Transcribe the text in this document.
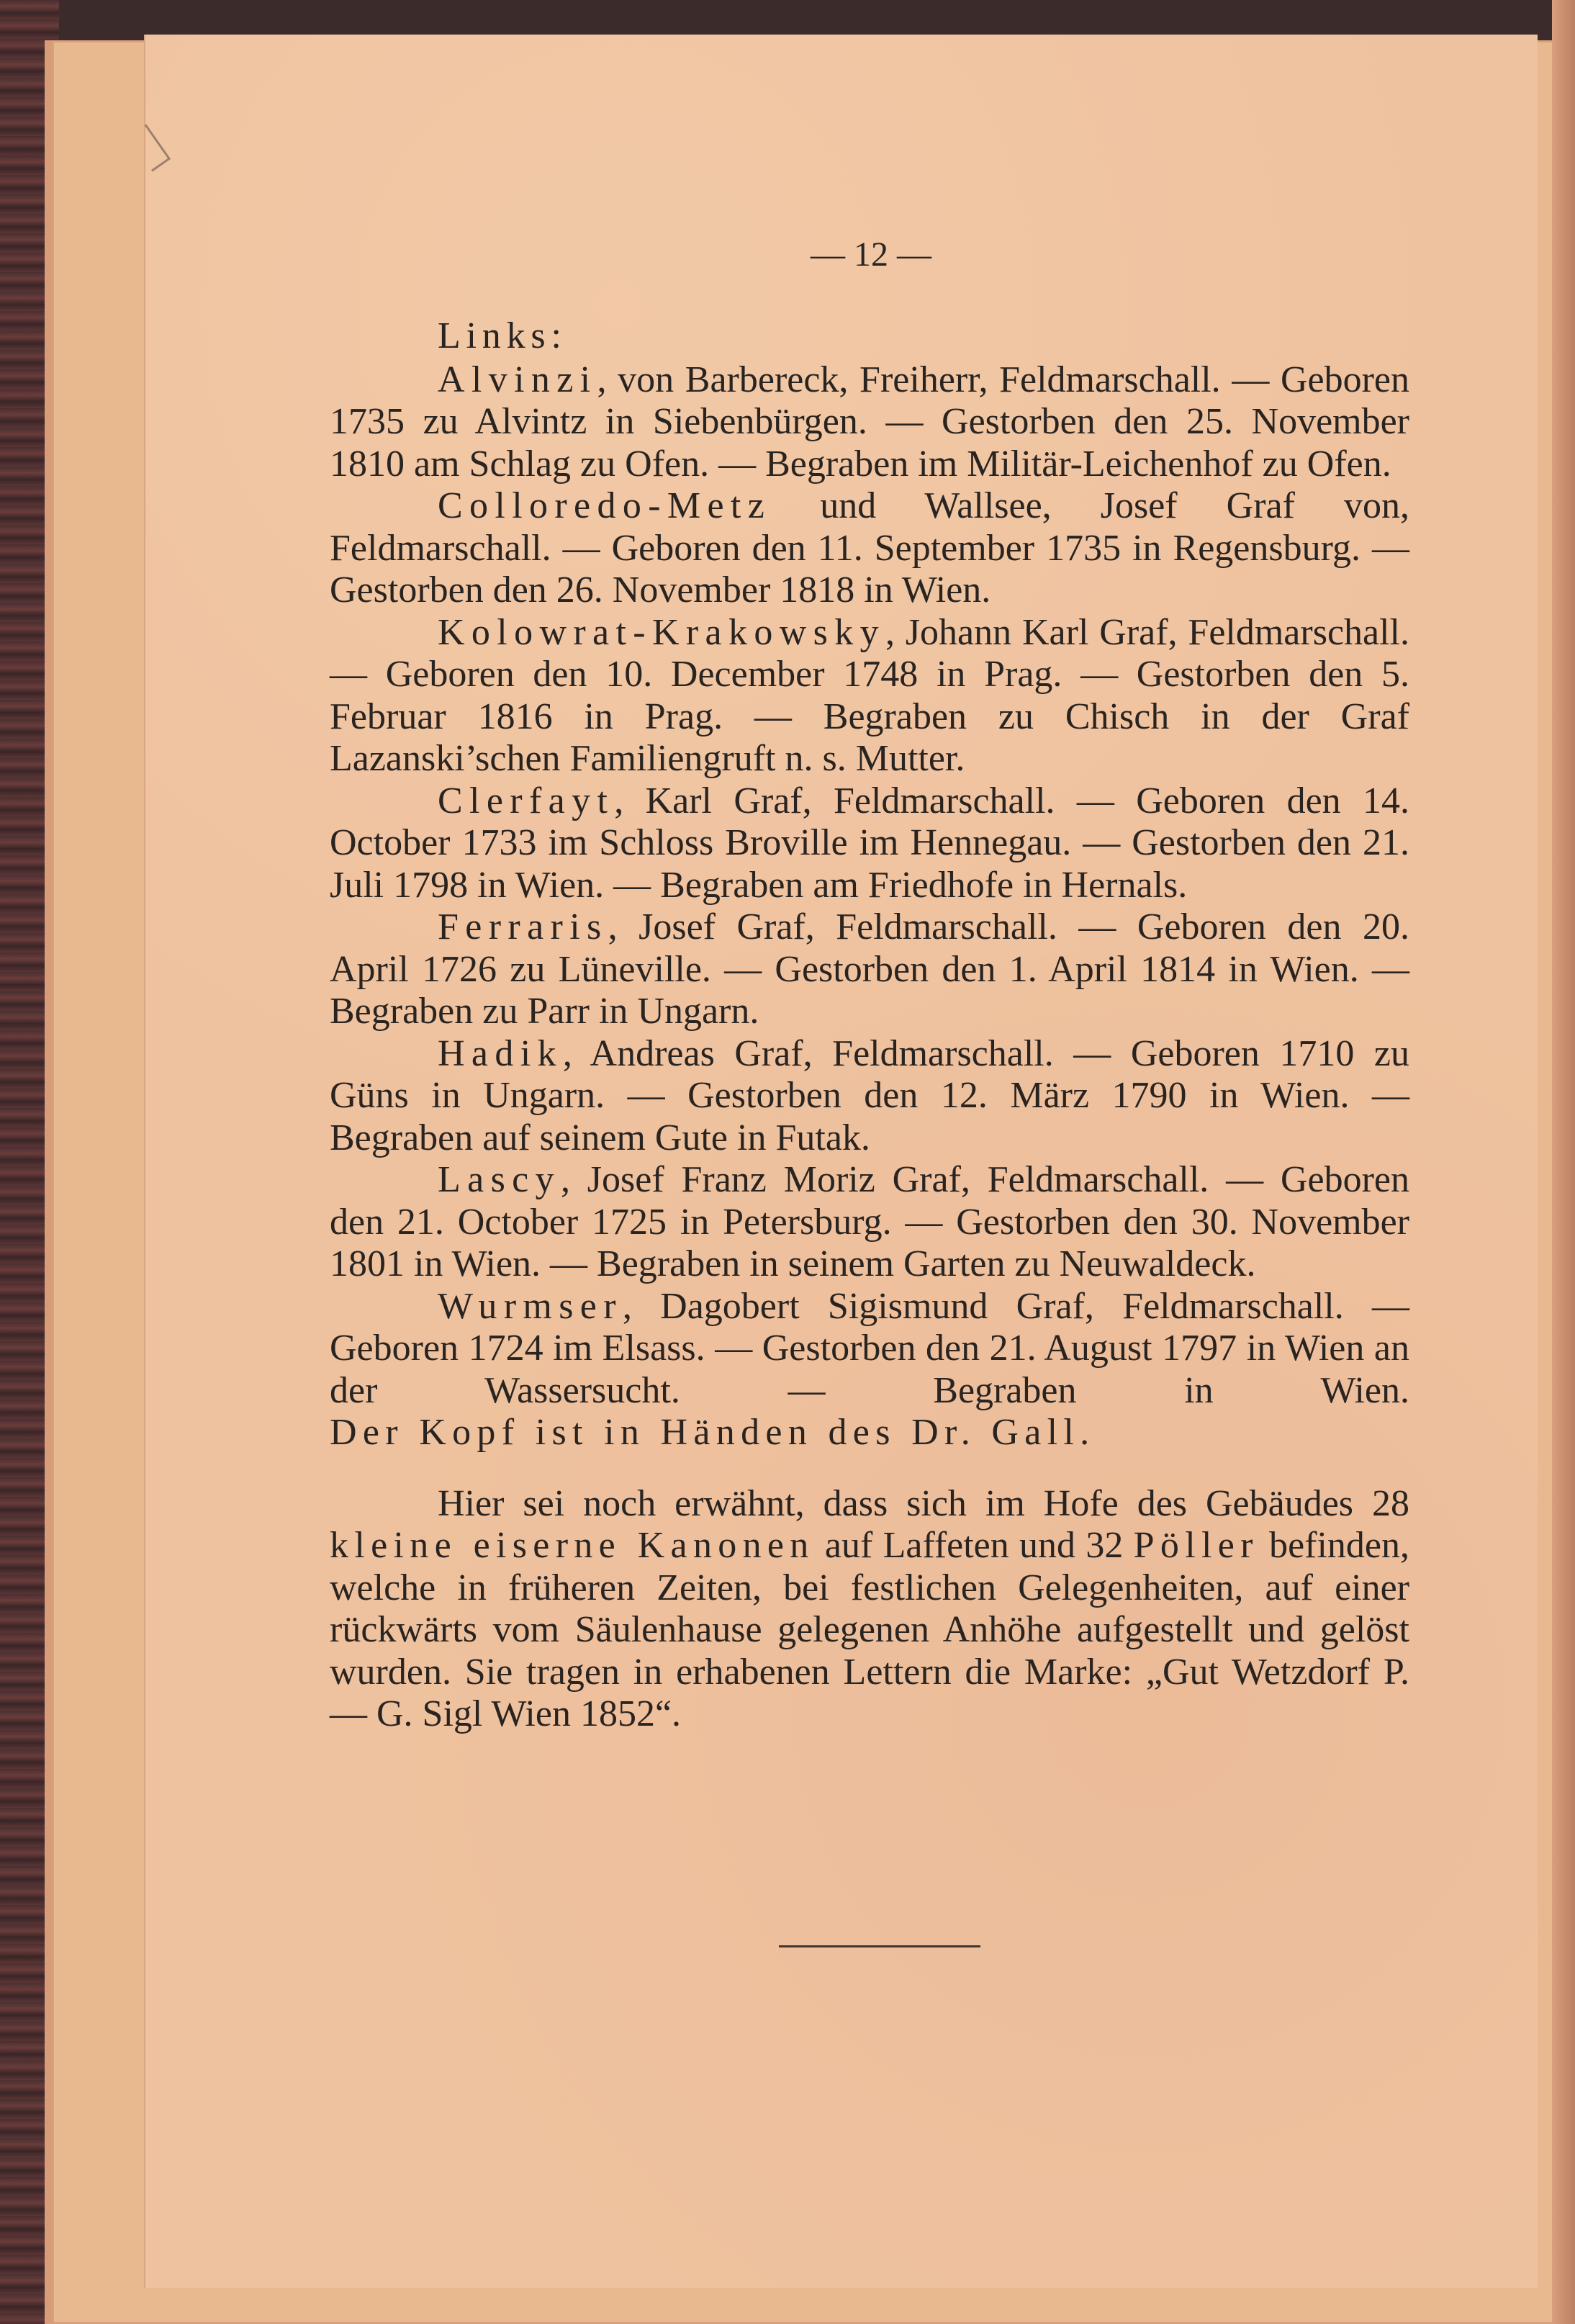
— 12 —

Links:

Alvinzi, von Barbereck, Freiherr, Feldmarschall. — Geboren 1735 zu Alvintz in Siebenbürgen. — Gestorben den 25. November 1810 am Schlag zu Ofen. — Begraben im Militär-Leichenhof zu Ofen.

Colloredo-Metz und Wallsee, Josef Graf von, Feldmarschall. — Geboren den 11. September 1735 in Regensburg. — Gestorben den 26. November 1818 in Wien.

Kolowrat-Krakowsky, Johann Karl Graf, Feldmarschall. — Geboren den 10. December 1748 in Prag. — Gestorben den 5. Februar 1816 in Prag. — Begraben zu Chisch in der Graf Lazanski’schen Familiengruft n. s. Mutter.

Clerfayt, Karl Graf, Feldmarschall. — Geboren den 14. October 1733 im Schloss Broville im Hennegau. — Gestorben den 21. Juli 1798 in Wien. — Begraben am Friedhofe in Hernals.

Ferraris, Josef Graf, Feldmarschall. — Geboren den 20. April 1726 zu Lüneville. — Gestorben den 1. April 1814 in Wien. — Begraben zu Parr in Ungarn.

Hadik, Andreas Graf, Feldmarschall. — Geboren 1710 zu Güns in Ungarn. — Gestorben den 12. März 1790 in Wien. — Begraben auf seinem Gute in Futak.

Lascy, Josef Franz Moriz Graf, Feldmarschall. — Geboren den 21. October 1725 in Petersburg. — Gestorben den 30. November 1801 in Wien. — Begraben in seinem Garten zu Neuwaldeck.

Wurmser, Dagobert Sigismund Graf, Feldmarschall. — Geboren 1724 im Elsass. — Gestorben den 21. August 1797 in Wien an der Wassersucht. — Begraben in Wien. Der Kopf ist in Händen des Dr. Gall.

Hier sei noch erwähnt, dass sich im Hofe des Gebäudes 28 kleine eiserne Kanonen auf Laffeten und 32 Pöller befinden, welche in früheren Zeiten, bei festlichen Gelegenheiten, auf einer rückwärts vom Säulenhause gelegenen Anhöhe aufgestellt und gelöst wurden. Sie tragen in erhabenen Lettern die Marke: „Gut Wetzdorf P. — G. Sigl Wien 1852“.
